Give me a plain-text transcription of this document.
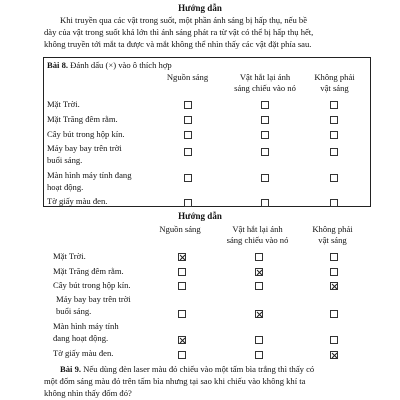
Hướng dẫn
Khi truyền qua các vật trong suốt, một phần ánh sáng bị hấp thụ, nếu bề
dày của vật trong suốt khá lớn thì ánh sáng phát ra từ vật có thể bị hấp thụ hết,
không truyền tới mắt ta được và mắt không thể nhìn thấy các vật đặt phía sau.
Bài 8. Đánh dấu (×) vào ô thích hợp
Nguồn sáng	Vật hắt lại ánh
sáng chiếu vào nó
Không phải
vật sáng
Mặt Trời.
Mặt Trăng đêm rằm.
Cây bút trong hộp kín.
Máy bay bay trên trời
buổi sáng.
Màn hình máy tính đang
hoạt động.
Tờ giấy màu đen.
Hướng dẫn
Nguồn sáng	Vật hắt lại ánh
sáng chiếu vào nó
Không phải
vật sáng
Mặt Trời.
Mặt Trăng đêm rằm.
Cây bút trong hộp kín.
Máy bay bay trên trời
buổi sáng.
Màn hình máy tính
đang hoạt động.
Tờ giấy màu đen.
Bài 9. Nếu dùng đèn laser màu đỏ chiếu vào một tấm bìa trắng thì thấy có
một đốm sáng màu đỏ trên tấm bìa nhưng tại sao khi chiếu vào không khí ta
không nhìn thấy đốm đỏ?
